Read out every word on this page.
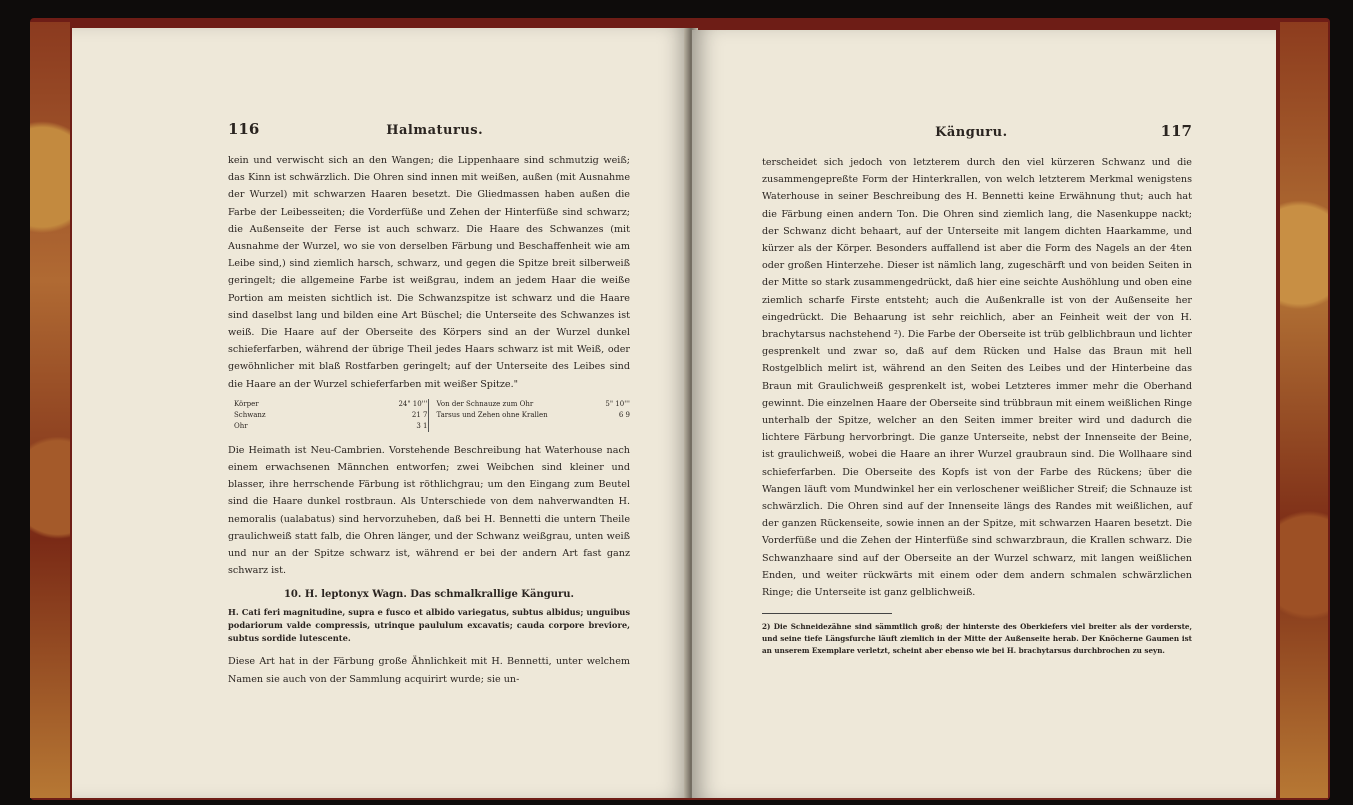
116	Halmaturus.

kein und verwischt sich an den Wangen; die Lippenhaare sind schmutzig weiß; das Kinn ist schwärzlich. Die Ohren sind innen mit weißen, außen (mit Ausnahme der Wurzel) mit schwarzen Haaren besetzt. Die Gliedmassen haben außen die Farbe der Leibesseiten; die Vorderfüße und Zehen der Hinterfüße sind schwarz; die Außenseite der Ferse ist auch schwarz. Die Haare des Schwanzes (mit Ausnahme der Wurzel, wo sie von derselben Färbung und Beschaffenheit wie am Leibe sind,) sind ziemlich harsch, schwarz, und gegen die Spitze breit silberweiß geringelt; die allgemeine Farbe ist weißgrau, indem an jedem Haar die weiße Portion am meisten sichtlich ist. Die Schwanzspitze ist schwarz und die Haare sind daselbst lang und bilden eine Art Büschel; die Unterseite des Schwanzes ist weiß. Die Haare auf der Oberseite des Körpers sind an der Wurzel dunkel schieferfarben, während der übrige Theil jedes Haars schwarz ist mit Weiß, oder gewöhnlicher mit blaß Rostfarben geringelt; auf der Unterseite des Leibes sind die Haare an der Wurzel schieferfarben mit weißer Spitze."

Körper	24" 10'''
Schwanz	21 7
Ohr	3 1
Von der Schnauze zum Ohr	5" 10'''
Tarsus und Zehen ohne Krallen	6 9

Die Heimath ist Neu-Cambrien. Vorstehende Beschreibung hat Waterhouse nach einem erwachsenen Männchen entworfen; zwei Weibchen sind kleiner und blasser, ihre herrschende Färbung ist röthlichgrau; um den Eingang zum Beutel sind die Haare dunkel rostbraun. Als Unterschiede von dem nahverwandten H. nemoralis (ualabatus) sind hervorzuheben, daß bei H. Bennetti die untern Theile graulichweiß statt falb, die Ohren länger, und der Schwanz weißgrau, unten weiß und nur an der Spitze schwarz ist, während er bei der andern Art fast ganz schwarz ist.

10. H. leptonyx Wagn. Das schmalkrallige Känguru.

H. Cati feri magnitudine, supra e fusco et albido variegatus, subtus albidus; unguibus podariorum valde compressis, utrinque paululum excavatis; cauda corpore breviore, subtus sordide lutescente.

Diese Art hat in der Färbung große Ähnlichkeit mit H. Bennetti, unter welchem Namen sie auch von der Sammlung acquirirt wurde; sie un-

Känguru.	117

terscheidet sich jedoch von letzterem durch den viel kürzeren Schwanz und die zusammengepreßte Form der Hinterkrallen, von welch letzterem Merkmal wenigstens Waterhouse in seiner Beschreibung des H. Bennetti keine Erwähnung thut; auch hat die Färbung einen andern Ton. Die Ohren sind ziemlich lang, die Nasenkuppe nackt; der Schwanz dicht behaart, auf der Unterseite mit langem dichten Haarkamme, und kürzer als der Körper. Besonders auffallend ist aber die Form des Nagels an der 4ten oder großen Hinterzehe. Dieser ist nämlich lang, zugeschärft und von beiden Seiten in der Mitte so stark zusammengedrückt, daß hier eine seichte Aushöhlung und oben eine ziemlich scharfe Firste entsteht; auch die Außenkralle ist von der Außenseite her eingedrückt. Die Behaarung ist sehr reichlich, aber an Feinheit weit der von H. brachytarsus nachstehend ²). Die Farbe der Oberseite ist trüb gelblichbraun und lichter gesprenkelt und zwar so, daß auf dem Rücken und Halse das Braun mit hell Rostgelblich melirt ist, während an den Seiten des Leibes und der Hinterbeine das Braun mit Graulichweiß gesprenkelt ist, wobei Letzteres immer mehr die Oberhand gewinnt. Die einzelnen Haare der Oberseite sind trübbraun mit einem weißlichen Ringe unterhalb der Spitze, welcher an den Seiten immer breiter wird und dadurch die lichtere Färbung hervorbringt. Die ganze Unterseite, nebst der Innenseite der Beine, ist graulichweiß, wobei die Haare an ihrer Wurzel graubraun sind. Die Wollhaare sind schieferfarben. Die Oberseite des Kopfs ist von der Farbe des Rückens; über die Wangen läuft vom Mundwinkel her ein verloschener weißlicher Streif; die Schnauze ist schwärzlich. Die Ohren sind auf der Innenseite längs des Randes mit weißlichen, auf der ganzen Rückenseite, sowie innen an der Spitze, mit schwarzen Haaren besetzt. Die Vorderfüße und die Zehen der Hinterfüße sind schwarzbraun, die Krallen schwarz. Die Schwanzhaare sind auf der Oberseite an der Wurzel schwarz, mit langen weißlichen Enden, und weiter rückwärts mit einem oder dem andern schmalen schwärzlichen Ringe; die Unterseite ist ganz gelblichweiß.

2) Die Schneidezähne sind sämmtlich groß; der hinterste des Oberkiefers viel breiter als der vorderste, und seine tiefe Längsfurche läuft ziemlich in der Mitte der Außenseite herab. Der Knöcherne Gaumen ist an unserem Exemplare verletzt, scheint aber ebenso wie bei H. brachytarsus durchbrochen zu seyn.
